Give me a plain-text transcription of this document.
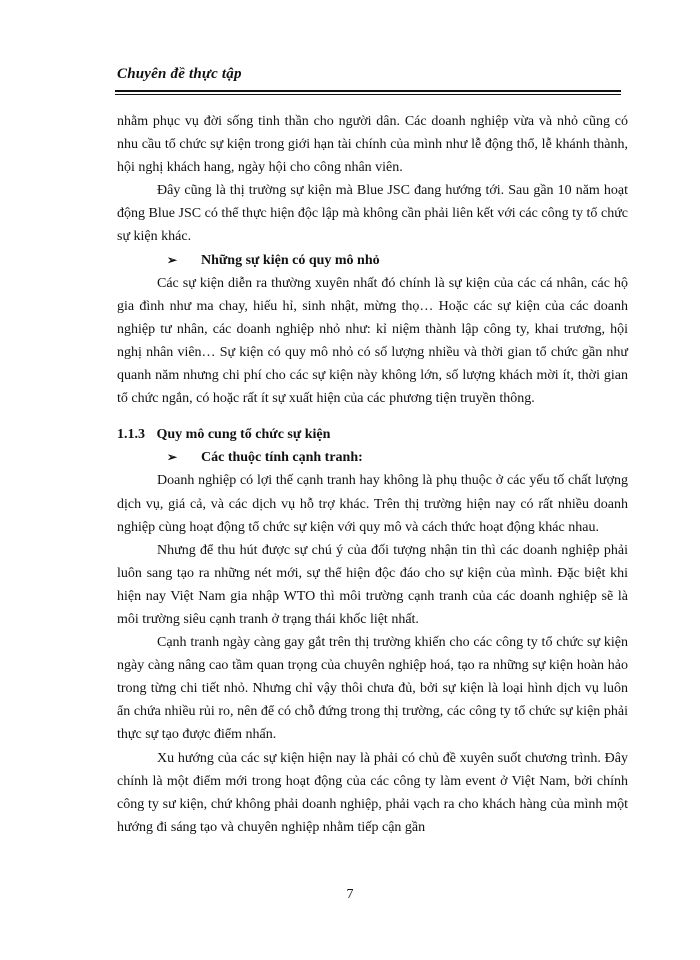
Chuyên đề thực tập

nhằm phục vụ đời sống tinh thần cho người dân. Các doanh nghiệp vừa và nhỏ cũng có nhu cầu tổ chức sự kiện trong giới hạn tài chính của mình như lễ động thổ, lễ khánh thành, hội nghị khách hang, ngày hội cho công nhân viên.

Đây cũng là thị trường sự kiện mà Blue JSC đang hướng tới. Sau gần 10 năm hoạt động Blue JSC có thể thực hiện độc lập mà không cần phải liên kết với các công ty tổ chức sự kiện khác.

➢	Những sự kiện có quy mô nhỏ

Các sự kiện diễn ra thường xuyên nhất đó chính là sự kiện của các cá nhân, các hộ gia đình như ma chay, hiếu hỉ, sinh nhật, mừng thọ… Hoặc các sự kiện của các doanh nghiệp tư nhân, các doanh nghiệp nhỏ như: kỉ niệm thành lập công ty, khai trương, hội nghị nhân viên… Sự kiện có quy mô nhỏ có số lượng nhiều và thời gian tổ chức gần như quanh năm nhưng chi phí cho các sự kiện này không lớn, số lượng khách mời ít, thời gian tổ chức ngắn, có hoặc rất ít sự xuất hiện của các phương tiện truyền thông.

1.1.3 Quy mô cung tổ chức sự kiện

➢	Các thuộc tính cạnh tranh:

Doanh nghiệp có lợi thế cạnh tranh hay không là phụ thuộc ở các yếu tố chất lượng dịch vụ, giá cả, và các dịch vụ hỗ trợ khác. Trên thị trường hiện nay có rất nhiều doanh nghiệp cùng hoạt động tổ chức sự kiện với quy mô và cách thức hoạt động khác nhau.

Nhưng để thu hút được sự chú ý của đối tượng nhận tin thì các doanh nghiệp phải luôn sang tạo ra những nét mới, sự thể hiện độc đáo cho sự kiện của mình. Đặc biệt khi hiện nay Việt Nam gia nhập WTO thì môi trường cạnh tranh của các doanh nghiệp sẽ là môi trường siêu cạnh tranh ở trạng thái khốc liệt nhất.

Cạnh tranh ngày càng gay gắt trên thị trường khiến cho các công ty tổ chức sự kiện ngày càng nâng cao tầm quan trọng của chuyên nghiệp hoá, tạo ra những sự kiện hoàn hảo trong từng chi tiết nhỏ. Nhưng chỉ vậy thôi chưa đủ, bởi sự kiện là loại hình dịch vụ luôn ẩn chứa nhiều rủi ro, nên để có chỗ đứng trong thị trường, các công ty tổ chức sự kiện phải thực sự tạo được điểm nhấn.

Xu hướng của các sự kiện hiện nay là phải có chủ đề xuyên suốt chương trình. Đây chính là một điểm mới trong hoạt động của các công ty làm event ở Việt Nam, bởi chính công ty sư kiện, chứ không phải doanh nghiệp, phải vạch ra cho khách hàng của mình một hướng đi sáng tạo và chuyên nghiệp nhằm tiếp cận gần

7
